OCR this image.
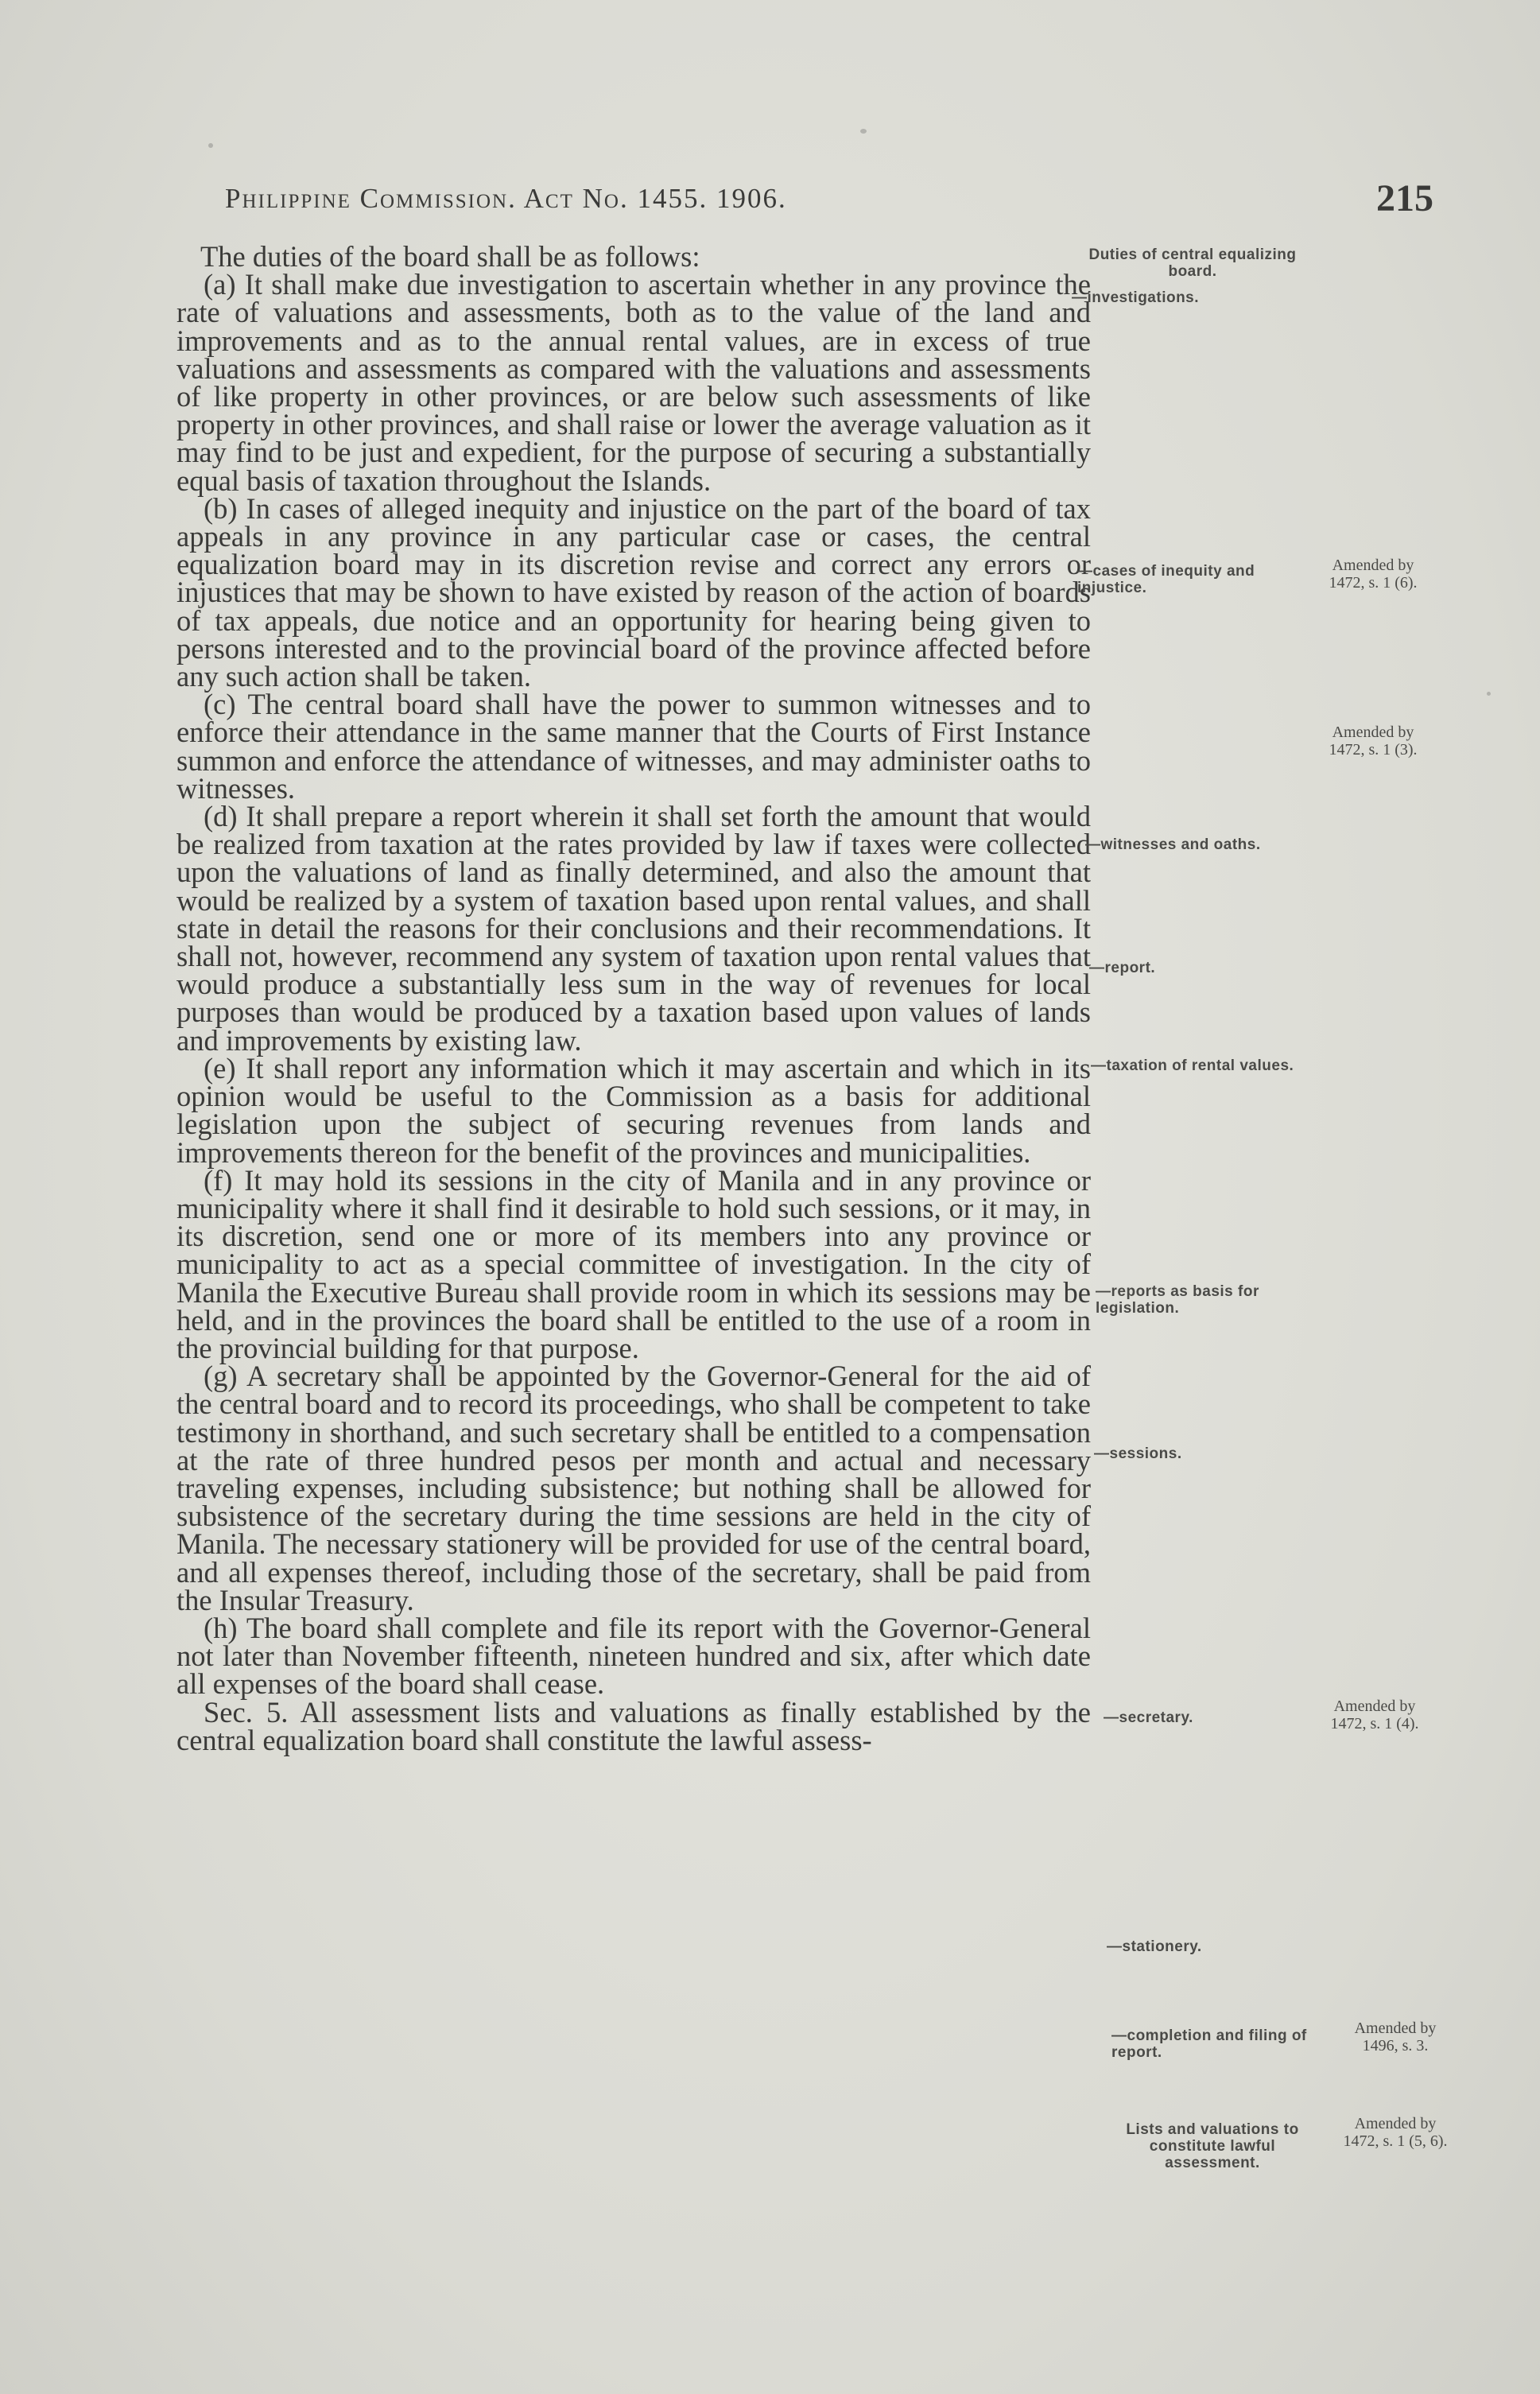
Philippine Commission. Act No. 1455. 1906.	215

The duties of the board shall be as follows:

(a) It shall make due investigation to ascertain whether in any province the rate of valuations and assessments, both as to the value of the land and improvements and as to the annual rental values, are in excess of true valuations and assessments as compared with the valuations and assessments of like property in other provinces, or are below such assessments of like property in other provinces, and shall raise or lower the average valuation as it may find to be just and expedient, for the purpose of securing a substantially equal basis of taxation throughout the Islands.

(b) In cases of alleged inequity and injustice on the part of the board of tax appeals in any province in any particular case or cases, the central equalization board may in its discretion revise and correct any errors or injustices that may be shown to have existed by reason of the action of boards of tax appeals, due notice and an opportunity for hearing being given to persons interested and to the provincial board of the province affected before any such action shall be taken.

(c) The central board shall have the power to summon witnesses and to enforce their attendance in the same manner that the Courts of First Instance summon and enforce the attendance of witnesses, and may administer oaths to witnesses.

(d) It shall prepare a report wherein it shall set forth the amount that would be realized from taxation at the rates provided by law if taxes were collected upon the valuations of land as finally determined, and also the amount that would be realized by a system of taxation based upon rental values, and shall state in detail the reasons for their conclusions and their recommendations. It shall not, however, recommend any system of taxation upon rental values that would produce a substantially less sum in the way of revenues for local purposes than would be produced by a taxation based upon values of lands and improvements by existing law.

(e) It shall report any information which it may ascertain and which in its opinion would be useful to the Commission as a basis for additional legislation upon the subject of securing revenues from lands and improvements thereon for the benefit of the provinces and municipalities.

(f) It may hold its sessions in the city of Manila and in any province or municipality where it shall find it desirable to hold such sessions, or it may, in its discretion, send one or more of its members into any province or municipality to act as a special committee of investigation. In the city of Manila the Executive Bureau shall provide room in which its sessions may be held, and in the provinces the board shall be entitled to the use of a room in the provincial building for that purpose.

(g) A secretary shall be appointed by the Governor-General for the aid of the central board and to record its proceedings, who shall be competent to take testimony in shorthand, and such secretary shall be entitled to a compensation at the rate of three hundred pesos per month and actual and necessary traveling expenses, including subsistence; but nothing shall be allowed for subsistence of the secretary during the time sessions are held in the city of Manila. The necessary stationery will be provided for use of the central board, and all expenses thereof, including those of the secretary, shall be paid from the Insular Treasury.

(h) The board shall complete and file its report with the Governor-General not later than November fifteenth, nineteen hundred and six, after which date all expenses of the board shall cease.

Sec. 5. All assessment lists and valuations as finally established by the central equalization board shall constitute the lawful assess-

Duties of central equalizing board.
—investigations.
—cases of inequity and injustice.
—witnesses and oaths.
—report.
—taxation of rental values.
—reports as basis for legislation.
—sessions.
—secretary.
—stationery.
—completion and filing of report.
Lists and valuations to constitute lawful assessment.
Amended by 1472, s. 1 (6).
Amended by 1472, s. 1 (3).
Amended by 1472, s. 1 (4).
Amended by 1496, s. 3.
Amended by 1472, s. 1 (5, 6).
